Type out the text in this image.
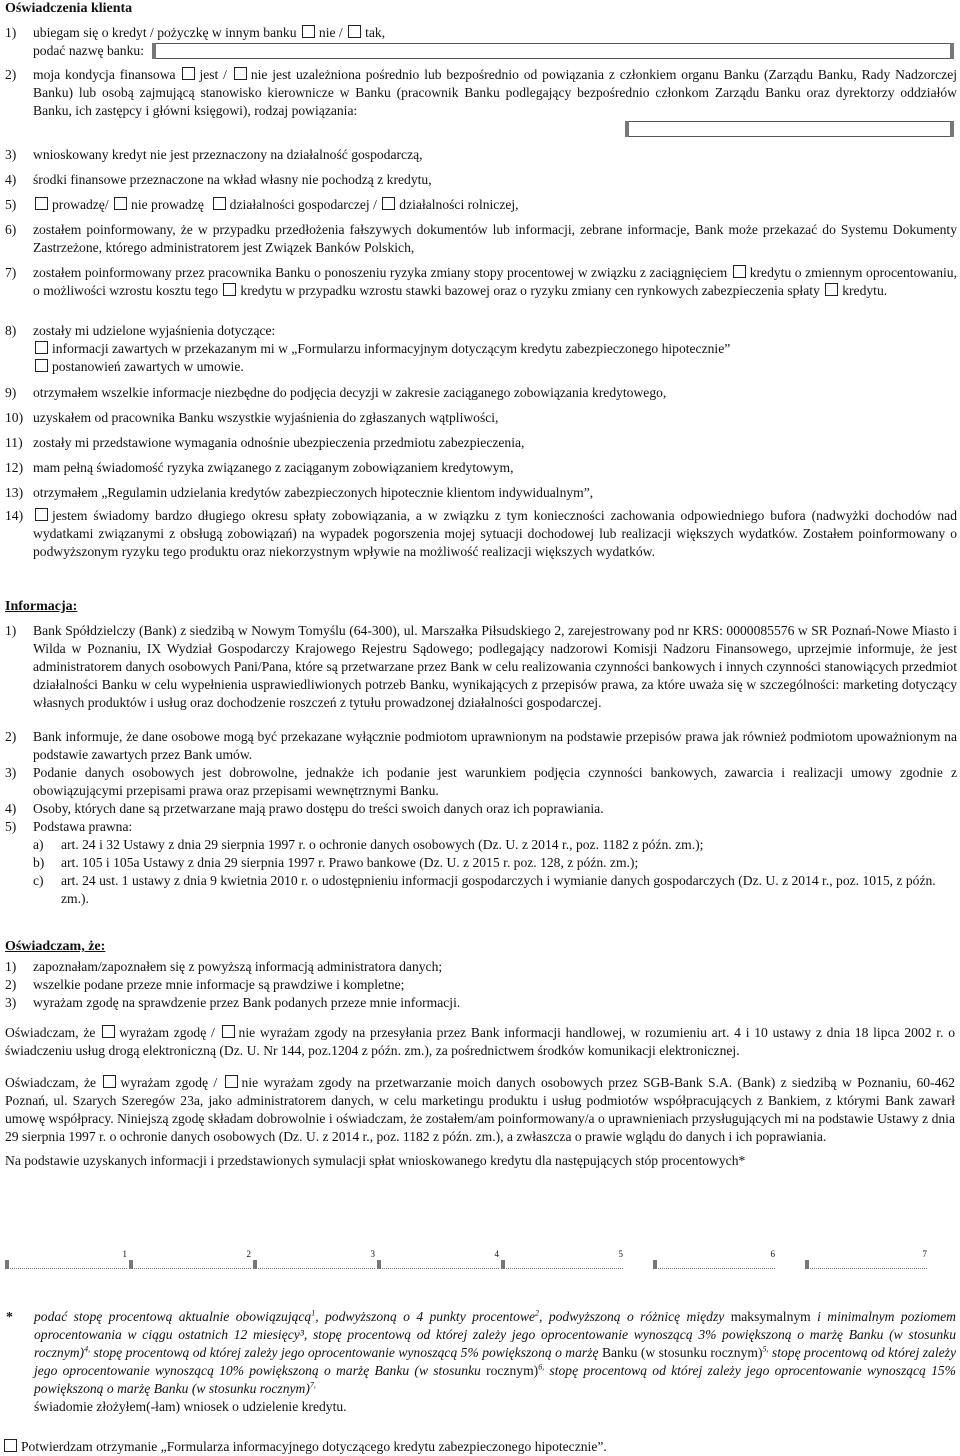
Oświadczenia klienta
1) ubiegam się o kredyt / pożyczkę w innym banku nie / tak,
podać nazwę banku:
2) moja kondycja finansowa jest / nie jest uzależniona pośrednio lub bezpośrednio od powiązania z członkiem organu Banku (Zarządu Banku, Rady Nadzorczej Banku) lub osobą zajmującą stanowisko kierownicze w Banku (pracownik Banku podlegający bezpośrednio członkom Zarządu Banku oraz dyrektorzy oddziałów Banku, ich zastępcy i główni księgowi), rodzaj powiązania:
3) wnioskowany kredyt nie jest przeznaczony na działalność gospodarczą,
4) środki finansowe przeznaczone na wkład własny nie pochodzą z kredytu,
5)	prowadzę/ nie prowadzę działalności gospodarczej / działalności rolniczej,
6) zostałem poinformowany, że w przypadku przedłożenia fałszywych dokumentów lub informacji, zebrane informacje, Bank może przekazać do Systemu Dokumenty Zastrzeżone, którego administratorem jest Związek Banków Polskich,
7) zostałem poinformowany przez pracownika Banku o ponoszeniu ryzyka zmiany stopy procentowej w związku z zaciągnięciem kredytu o zmiennym oprocentowaniu, o możliwości wzrostu kosztu tego kredytu w przypadku wzrostu stawki bazowej oraz o ryzyku zmiany cen rynkowych zabezpieczenia spłaty kredytu.
8) zostały mi udzielone wyjaśnienia dotyczące:
informacji zawartych w przekazanym mi w „Formularzu informacyjnym dotyczącym kredytu zabezpieczonego hipotecznie”
postanowień zawartych w umowie.
9) otrzymałem wszelkie informacje niezbędne do podjęcia decyzji w zakresie zaciąganego zobowiązania kredytowego,
10) uzyskałem od pracownika Banku wszystkie wyjaśnienia do zgłaszanych wątpliwości,
11) zostały mi przedstawione wymagania odnośnie ubezpieczenia przedmiotu zabezpieczenia,
12) mam pełną świadomość ryzyka związanego z zaciąganym zobowiązaniem kredytowym,
13) otrzymałem „Regulamin udzielania kredytów zabezpieczonych hipotecznie klientom indywidualnym”,
14)	jestem świadomy bardzo długiego okresu spłaty zobowiązania, a w związku z tym konieczności zachowania odpowiedniego bufora (nadwyżki dochodów nad wydatkami związanymi z obsługą zobowiązań) na wypadek pogorszenia mojej sytuacji dochodowej lub realizacji większych wydatków. Zostałem poinformowany o podwyższonym ryzyku tego produktu oraz niekorzystnym wpływie na możliwość realizacji większych wydatków.
Informacja:
1) Bank Spółdzielczy (Bank) z siedzibą w Nowym Tomyślu (64-300), ul. Marszałka Piłsudskiego 2, zarejestrowany pod nr KRS: 0000085576 w SR Poznań-Nowe Miasto i Wilda w Poznaniu, IX Wydział Gospodarczy Krajowego Rejestru Sądowego; podlegający nadzorowi Komisji Nadzoru Finansowego, uprzejmie informuje, że jest administratorem danych osobowych Pani/Pana, które są przetwarzane przez Bank w celu realizowania czynności bankowych i innych czynności stanowiących przedmiot działalności Banku w celu wypełnienia usprawiedliwionych potrzeb Banku, wynikających z przepisów prawa, za które uważa się w szczególności: marketing dotyczący własnych produktów i usług oraz dochodzenie roszczeń z tytułu prowadzonej działalności gospodarczej.
2) Bank informuje, że dane osobowe mogą być przekazane wyłącznie podmiotom uprawnionym na podstawie przepisów prawa jak również podmiotom upoważnionym na podstawie zawartych przez Bank umów.
3) Podanie danych osobowych jest dobrowolne, jednakże ich podanie jest warunkiem podjęcia czynności bankowych, zawarcia i realizacji umowy zgodnie z obowiązującymi przepisami prawa oraz przepisami wewnętrznymi Banku.
4) Osoby, których dane są przetwarzane mają prawo dostępu do treści swoich danych oraz ich poprawiania.
5) Podstawa prawna:
a) art. 24 i 32 Ustawy z dnia 29 sierpnia 1997 r. o ochronie danych osobowych (Dz. U. z 2014 r., poz. 1182 z późn. zm.);
b) art. 105 i 105a Ustawy z dnia 29 sierpnia 1997 r. Prawo bankowe (Dz. U. z 2015 r. poz. 128, z późn. zm.);
c) art. 24 ust. 1 ustawy z dnia 9 kwietnia 2010 r. o udostępnieniu informacji gospodarczych i wymianie danych gospodarczych (Dz. U. z 2014 r., poz. 1015, z późn. zm.).
Oświadczam, że:
1) zapoznałam/zapoznałem się z powyższą informacją administratora danych;
2) wszelkie podane przeze mnie informacje są prawdziwe i kompletne;
3) wyrażam zgodę na sprawdzenie przez Bank podanych przeze mnie informacji.
Oświadczam, że wyrażam zgodę / nie wyrażam zgody na przesyłania przez Bank informacji handlowej, w rozumieniu art. 4 i 10 ustawy z dnia 18 lipca 2002 r. o świadczeniu usług drogą elektroniczną (Dz. U. Nr 144, poz.1204 z późn. zm.), za pośrednictwem środków komunikacji elektronicznej.
Oświadczam, że wyrażam zgodę / nie wyrażam zgody na przetwarzanie moich danych osobowych przez SGB-Bank S.A. (Bank) z siedzibą w Poznaniu, 60-462 Poznań, ul. Szarych Szeregów 23a, jako administratorem danych, w celu marketingu produktu i usług podmiotów współpracujących z Bankiem, z którymi Bank zawarł umowę współpracy. Niniejszą zgodę składam dobrowolnie i oświadczam, że zostałem/am poinformowany/a o uprawnieniach przysługujących mi na podstawie Ustawy z dnia 29 sierpnia 1997 r. o ochronie danych osobowych (Dz. U. z 2014 r., poz. 1182 z późn. zm.), a zwłaszcza o prawie wglądu do danych i ich poprawiania.
Na podstawie uzyskanych informacji i przedstawionych symulacji spłat wnioskowanego kredytu dla następujących stóp procentowych*
1	2	3	4	5	6	7
* podać stopę procentową aktualnie obowiązującą$^1$, podwyższoną o 4 punkty procentowe$^2$, podwyższoną o różnicę między maksymalnym i minimalnym poziomem oprocentowania w ciągu ostatnich 12 miesięcy³, stopę procentową od której zależy jego oprocentowanie wynoszącą 3% powiększoną o marżę Banku (w stosunku rocznym)$^{4,}$ stopę procentową od której zależy jego oprocentowanie wynoszącą 5% powiększoną o marżę Banku (w stosunku rocznym)$^{5,}$ stopę procentową od której zależy jego oprocentowanie wynoszącą 10% powiększoną o marżę Banku (w stosunku rocznym)$^{6,}$ stopę procentową od której zależy jego oprocentowanie wynoszącą 15% powiększoną o marżę Banku (w stosunku rocznym)$^{7,}$
świadomie złożyłem(-łam) wniosek o udzielenie kredytu.
Potwierdzam otrzymanie „Formularza informacyjnego dotyczącego kredytu zabezpieczonego hipotecznie”.
